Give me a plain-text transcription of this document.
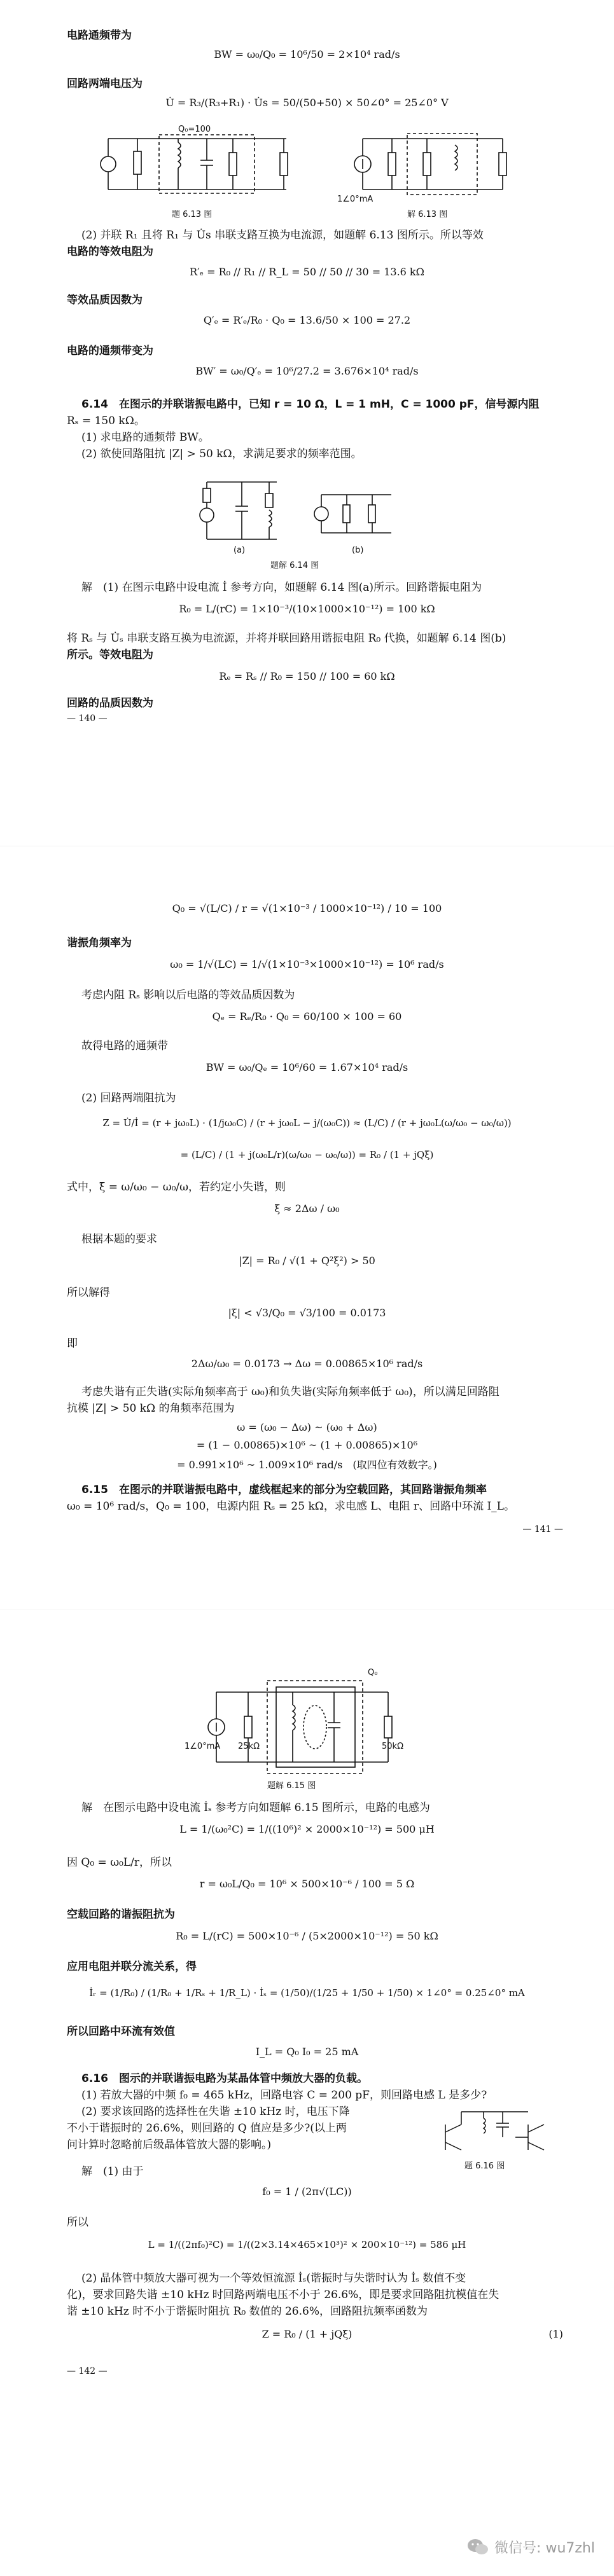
电路通频带为
BW = ω₀/Q₀ = 10⁶/50 = 2×10⁴ rad/s
回路两端电压为
U̇ = R₃/(R₃+R₁) · U̇s = 50/(50+50) × 50∠0° = 25∠0° V
Q₀=100
题 6.13 图
1∠0°mA
解 6.13 图
(2) 并联 R₁ 且将 R₁ 与 U̇s 串联支路互换为电流源，如题解 6.13 图所示。所以等效
电路的等效电阻为
R′ₑ = R₀ // R₁ // R_L = 50 // 50 // 30 = 13.6 kΩ
等效品质因数为
Q′ₑ = R′ₑ/R₀ · Q₀ = 13.6/50 × 100 = 27.2
电路的通频带变为
BW′ = ω₀/Q′ₑ = 10⁶/27.2 = 3.676×10⁴ rad/s
6.14　在图示的并联谐振电路中，已知 r = 10 Ω，L = 1 mH，C = 1000 pF，信号源内阻
Rₛ = 150 kΩ。
(1) 求电路的通频带 BW。
(2) 欲使回路阻抗 |Z| > 50 kΩ，求满足要求的频率范围。
(a)	(b)
题解 6.14 图
解　(1) 在图示电路中设电流 İ 参考方向，如题解 6.14 图(a)所示。回路谐振电阻为
R₀ = L/(rC) = 1×10⁻³/(10×1000×10⁻¹²) = 100 kΩ
将 Rₛ 与 U̇ₛ 串联支路互换为电流源，并将并联回路用谐振电阻 R₀ 代换，如题解 6.14 图(b)
所示。等效电阻为
Rₑ = Rₛ // R₀ = 150 // 100 = 60 kΩ
回路的品质因数为
— 140 —
Q₀ = √(L/C) / r = √(1×10⁻³ / 1000×10⁻¹²) / 10 = 100
谐振角频率为
ω₀ = 1/√(LC) = 1/√(1×10⁻³×1000×10⁻¹²) = 10⁶ rad/s
考虑内阻 Rₛ 影响以后电路的等效品质因数为
Qₑ = Rₑ/R₀ · Q₀ = 60/100 × 100 = 60
故得电路的通频带
BW = ω₀/Qₑ = 10⁶/60 = 1.67×10⁴ rad/s
(2) 回路两端阻抗为
Z = U̇/İ = (r + jω₀L) · (1/jω₀C) / (r + jω₀L − j/(ω₀C)) ≈ (L/C) / (r + jω₀L(ω/ω₀ − ω₀/ω))
= (L/C) / (1 + j(ω₀L/r)(ω/ω₀ − ω₀/ω)) = R₀ / (1 + jQξ)
式中，ξ = ω/ω₀ − ω₀/ω，若约定小失谐，则
ξ ≈ 2Δω / ω₀
根据本题的要求
|Z| = R₀ / √(1 + Q²ξ²) > 50
所以解得
|ξ| < √3/Q₀ = √3/100 = 0.0173
即
2Δω/ω₀ = 0.0173 → Δω = 0.00865×10⁶ rad/s
考虑失谐有正失谐(实际角频率高于 ω₀)和负失谐(实际角频率低于 ω₀)，所以满足回路阻
抗模 |Z| > 50 kΩ 的角频率范围为
ω = (ω₀ − Δω) ~ (ω₀ + Δω)
= (1 − 0.00865)×10⁶ ~ (1 + 0.00865)×10⁶
= 0.991×10⁶ ~ 1.009×10⁶ rad/s　(取四位有效数字。)
6.15　在图示的并联谐振电路中，虚线框起来的部分为空载回路，其回路谐振角频率
ω₀ = 10⁶ rad/s，Q₀ = 100，电源内阻 Rₛ = 25 kΩ，求电感 L、电阻 r、回路中环流 I_L。
— 141 —
Q₀
1∠0°mA 25kΩ	50kΩ
题解 6.15 图
解　在图示电路中设电流 İₛ 参考方向如题解 6.15 图所示，电路的电感为
L = 1/(ω₀²C) = 1/((10⁶)² × 2000×10⁻¹²) = 500 μH
因 Q₀ = ω₀L/r，所以
r = ω₀L/Q₀ = 10⁶ × 500×10⁻⁶ / 100 = 5 Ω
空载回路的谐振阻抗为
R₀ = L/(rC) = 500×10⁻⁶ / (5×2000×10⁻¹²) = 50 kΩ
应用电阻并联分流关系，得
İᵣ = (1/R₀) / (1/R₀ + 1/Rₛ + 1/R_L) · İₛ = (1/50)/(1/25 + 1/50 + 1/50) × 1∠0° = 0.25∠0° mA
所以回路中环流有效值
I_L = Q₀ I₀ = 25 mA
6.16　图示的并联谐振电路为某晶体管中频放大器的负载。
(1) 若放大器的中频 f₀ = 465 kHz，回路电容 C = 200 pF，则回路电感 L 是多少?
(2) 要求该回路的选择性在失谐 ±10 kHz 时，电压下降
不小于谐振时的 26.6%，则回路的 Q 值应是多少?(以上两
问计算时忽略前后级晶体管放大器的影响。)
题 6.16 图
解　(1) 由于
f₀ = 1 / (2π√(LC))
所以
L = 1/((2πf₀)²C) = 1/((2×3.14×465×10³)² × 200×10⁻¹²) = 586 μH
(2) 晶体管中频放大器可视为一个等效恒流源 İₛ(谐振时与失谐时认为 İₛ 数值不变
化)，要求回路失谐 ±10 kHz 时回路两端电压不小于 26.6%，即是要求回路阻抗模值在失
谐 ±10 kHz 时不小于谐振时阻抗 R₀ 数值的 26.6%，回路阻抗频率函数为
Z = R₀ / (1 + jQξ)	(1)
— 142 —
微信号: wu7zhl
